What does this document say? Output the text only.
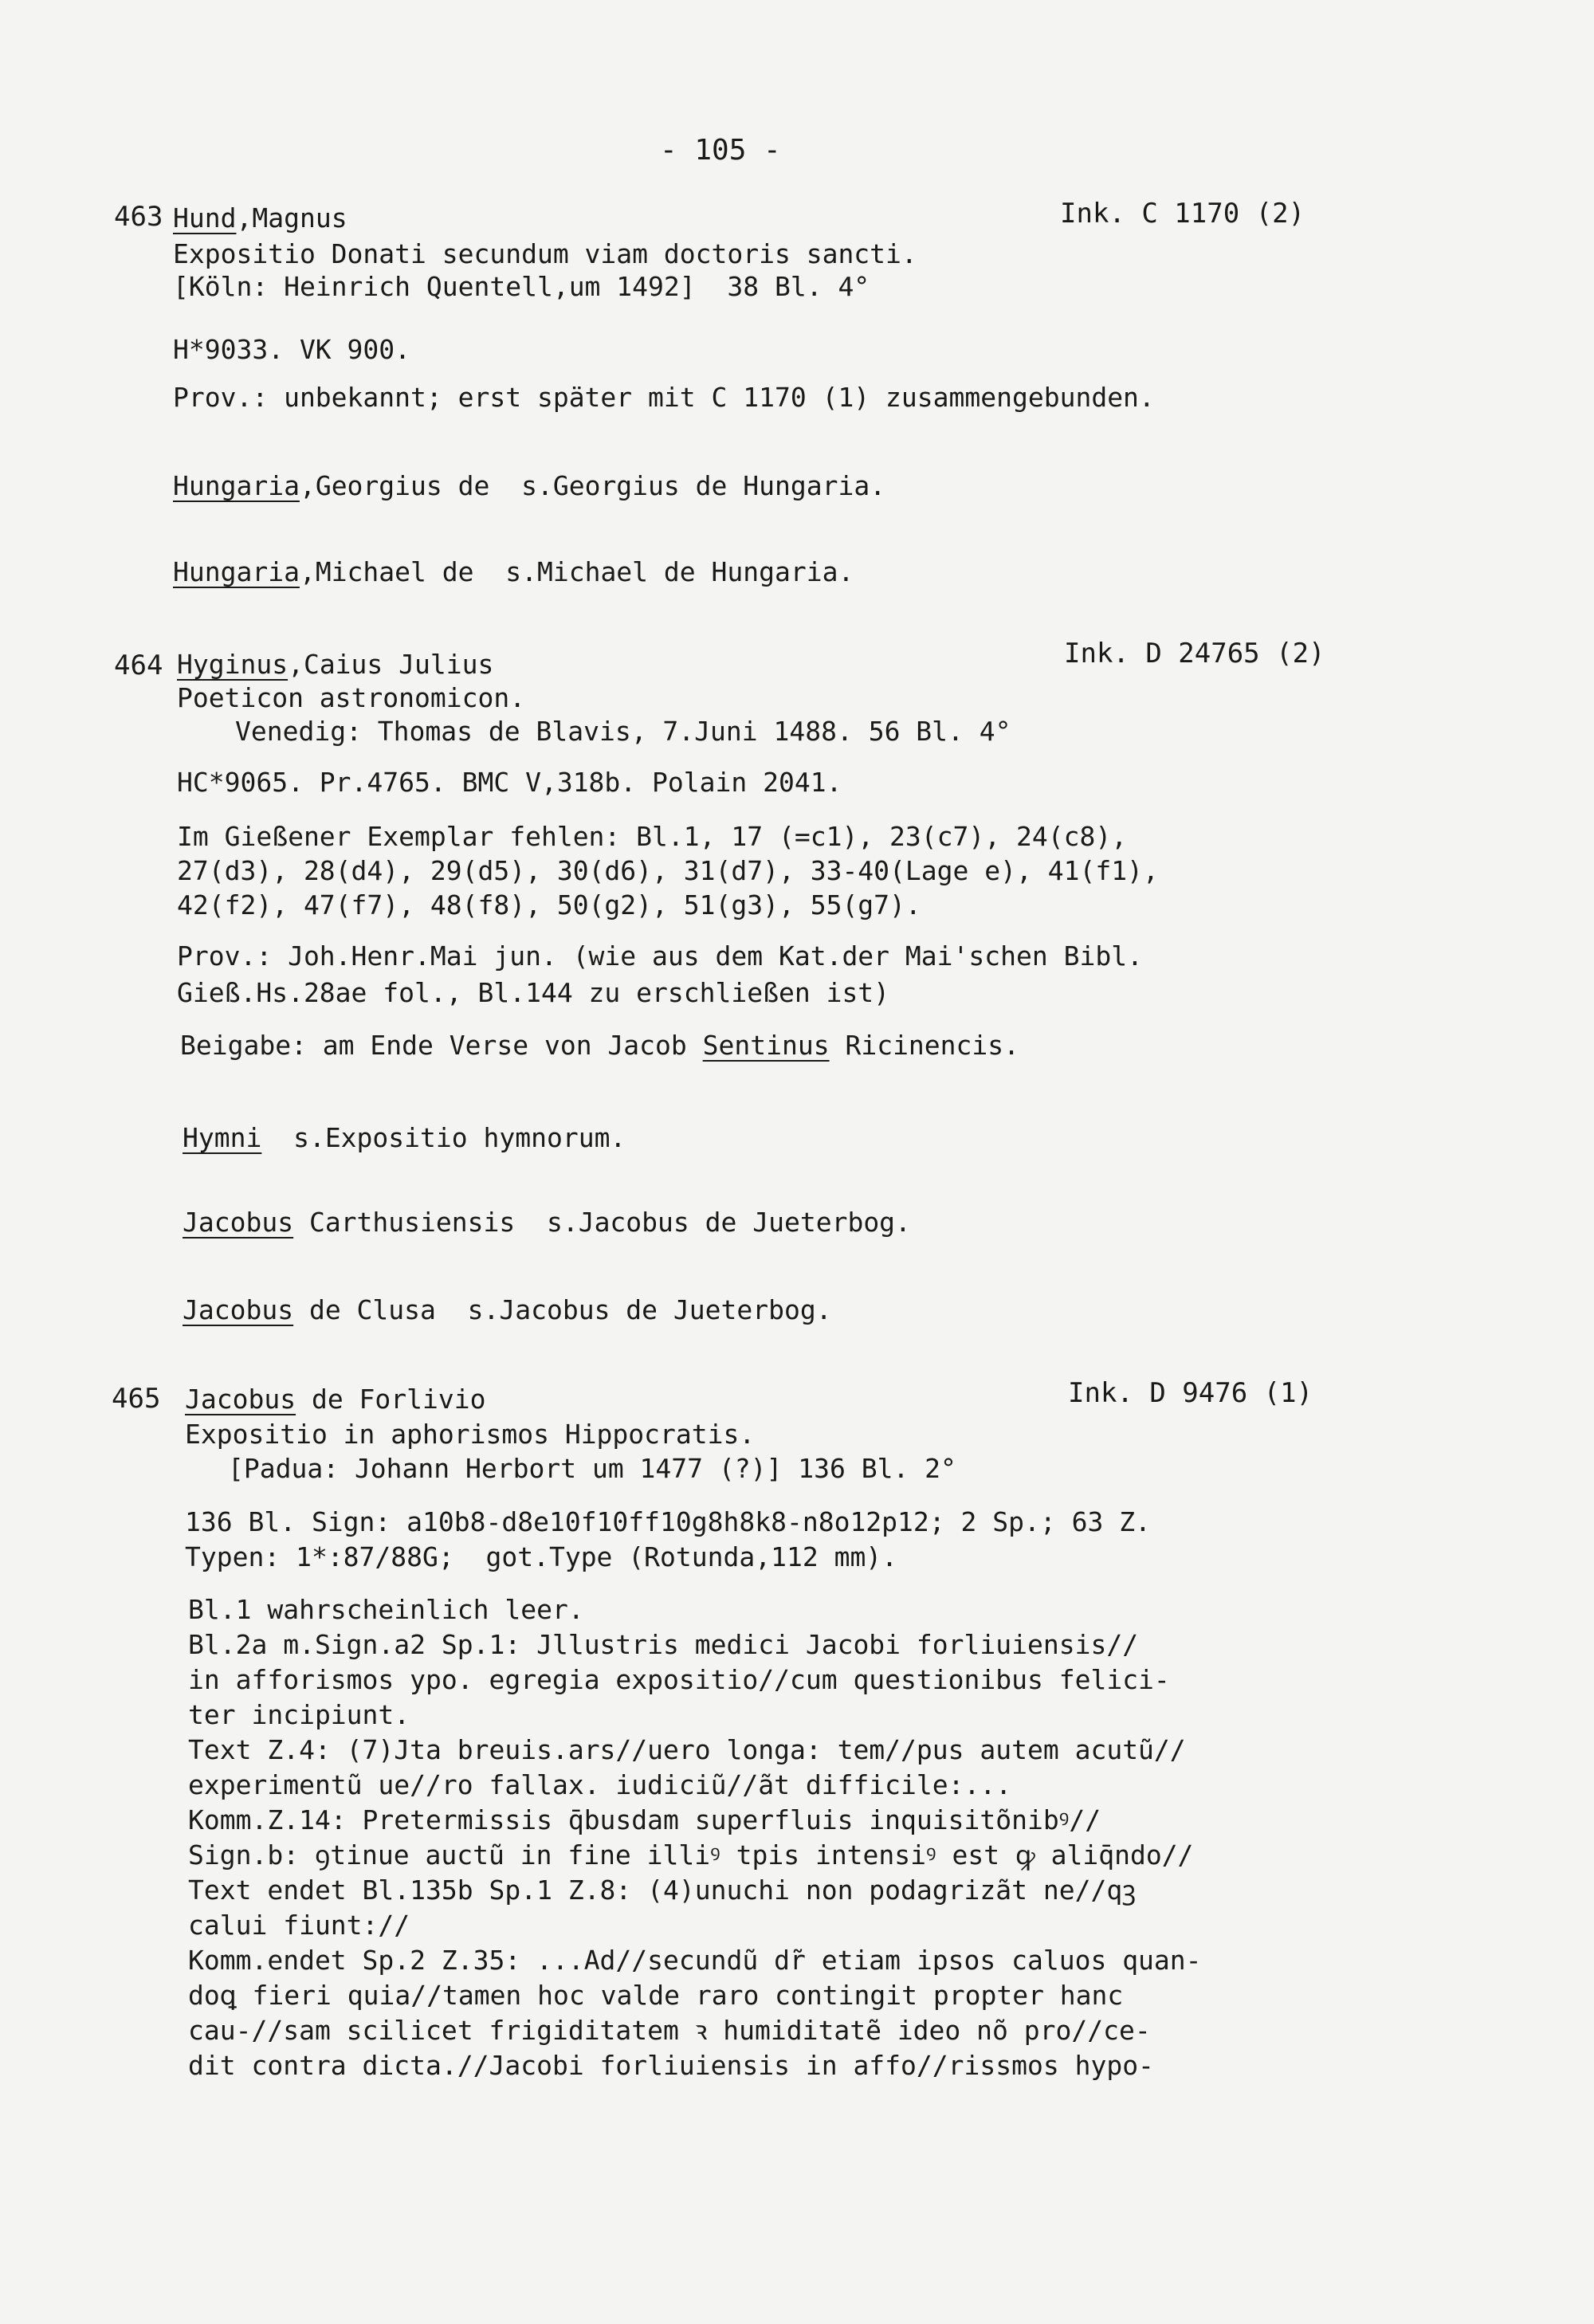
- 105 -
463 Hund,Magnus	Ink. C 1170 (2)
Expositio Donati secundum viam doctoris sancti.
[Köln: Heinrich Quentell,um 1492]  38 Bl. 4°
H*9033. VK 900.
Prov.: unbekannt; erst später mit C 1170 (1) zusammengebunden.
Hungaria,Georgius de  s.Georgius de Hungaria.
Hungaria,Michael de  s.Michael de Hungaria.
464 Hyginus,Caius Julius	Ink. D 24765 (2)
Poeticon astronomicon.
Venedig: Thomas de Blavis, 7.Juni 1488. 56 Bl. 4°
HC*9065. Pr.4765. BMC V,318b. Polain 2041.
Im Gießener Exemplar fehlen: Bl.1, 17 (=c1), 23(c7), 24(c8),
27(d3), 28(d4), 29(d5), 30(d6), 31(d7), 33-40(Lage e), 41(f1),
42(f2), 47(f7), 48(f8), 50(g2), 51(g3), 55(g7).
Prov.: Joh.Henr.Mai jun. (wie aus dem Kat.der Mai'schen Bibl.
Gieß.Hs.28ae fol., Bl.144 zu erschließen ist)
Beigabe: am Ende Verse von Jacob Sentinus Ricinencis.
Hymni  s.Expositio hymnorum.
Jacobus Carthusiensis  s.Jacobus de Jueterbog.
Jacobus de Clusa  s.Jacobus de Jueterbog.
465 Jacobus de Forlivio	Ink. D 9476 (1)
Expositio in aphorismos Hippocratis.
[Padua: Johann Herbort um 1477 (?)] 136 Bl. 2°
136 Bl. Sign: a10b8-d8e10f10ff10g8h8k8-n8o12p12; 2 Sp.; 63 Z.
Typen: 1*:87/88G;  got.Type (Rotunda,112 mm).
Bl.1 wahrscheinlich leer.
Bl.2a m.Sign.a2 Sp.1: Jllustris medici Jacobi forliuiensis//
in afforismos ypo. egregia expositio//cum questionibus felici-
ter incipiunt.
Text Z.4: (7)Jta breuis.ars//uero longa: tem//pus autem acutũ//
experimentũ ue//ro fallax. iudiciũ//ãt difficile:...
Komm.Z.14: Pretermissis q̄busdam superfluis inquisitõnibꝰ//
Sign.b: ꝯtinue auctũ in fine illiꝰ tpis intensiꝰ est ꝙ aliq̄ndo//
Text endet Bl.135b Sp.1 Z.8: (4)unuchi non podagrizãt ne//qꝫ
calui fiunt://
Komm.endet Sp.2 Z.35: ...Ad//secundũ dr̃ etiam ipsos caluos quan-
doꝗ fieri quia//tamen hoc valde raro contingit propter hanc
cau-//sam scilicet frigiditatem ꝛ humiditatẽ ideo nõ pro//ce-
dit contra dicta.//Jacobi forliuiensis in affo//rissmos hypo-
